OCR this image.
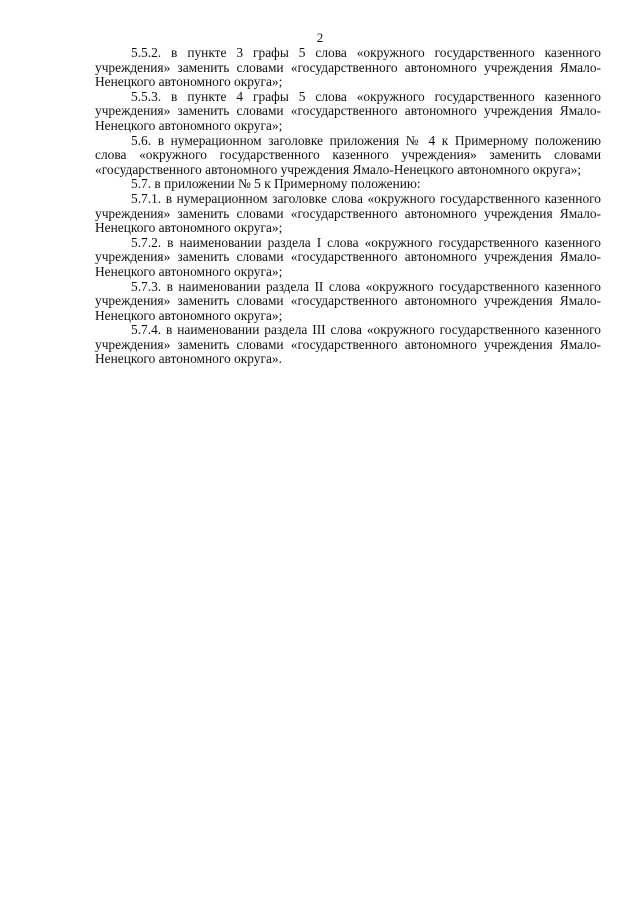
2

5.5.2. в пункте 3 графы 5 слова «окружного государственного казенного учреждения» заменить словами «государственного автономного учреждения Ямало-Ненецкого автономного округа»;

5.5.3. в пункте 4 графы 5 слова «окружного государственного казенного учреждения» заменить словами «государственного автономного учреждения Ямало-Ненецкого автономного округа»;

5.6. в нумерационном заголовке приложения № 4 к Примерному положению слова «окружного государственного казенного учреждения» заменить словами «государственного автономного учреждения Ямало-Ненецкого автономного округа»;

5.7. в приложении № 5 к Примерному положению:

5.7.1. в нумерационном заголовке слова «окружного государственного казенного учреждения» заменить словами «государственного автономного учреждения Ямало-Ненецкого автономного округа»;

5.7.2. в наименовании раздела I слова «окружного государственного казенного учреждения» заменить словами «государственного автономного учреждения Ямало-Ненецкого автономного округа»;

5.7.3. в наименовании раздела II слова «окружного государственного казенного учреждения» заменить словами «государственного автономного учреждения Ямало-Ненецкого автономного округа»;

5.7.4. в наименовании раздела III слова «окружного государственного казенного учреждения» заменить словами «государственного автономного учреждения Ямало-Ненецкого автономного округа».
